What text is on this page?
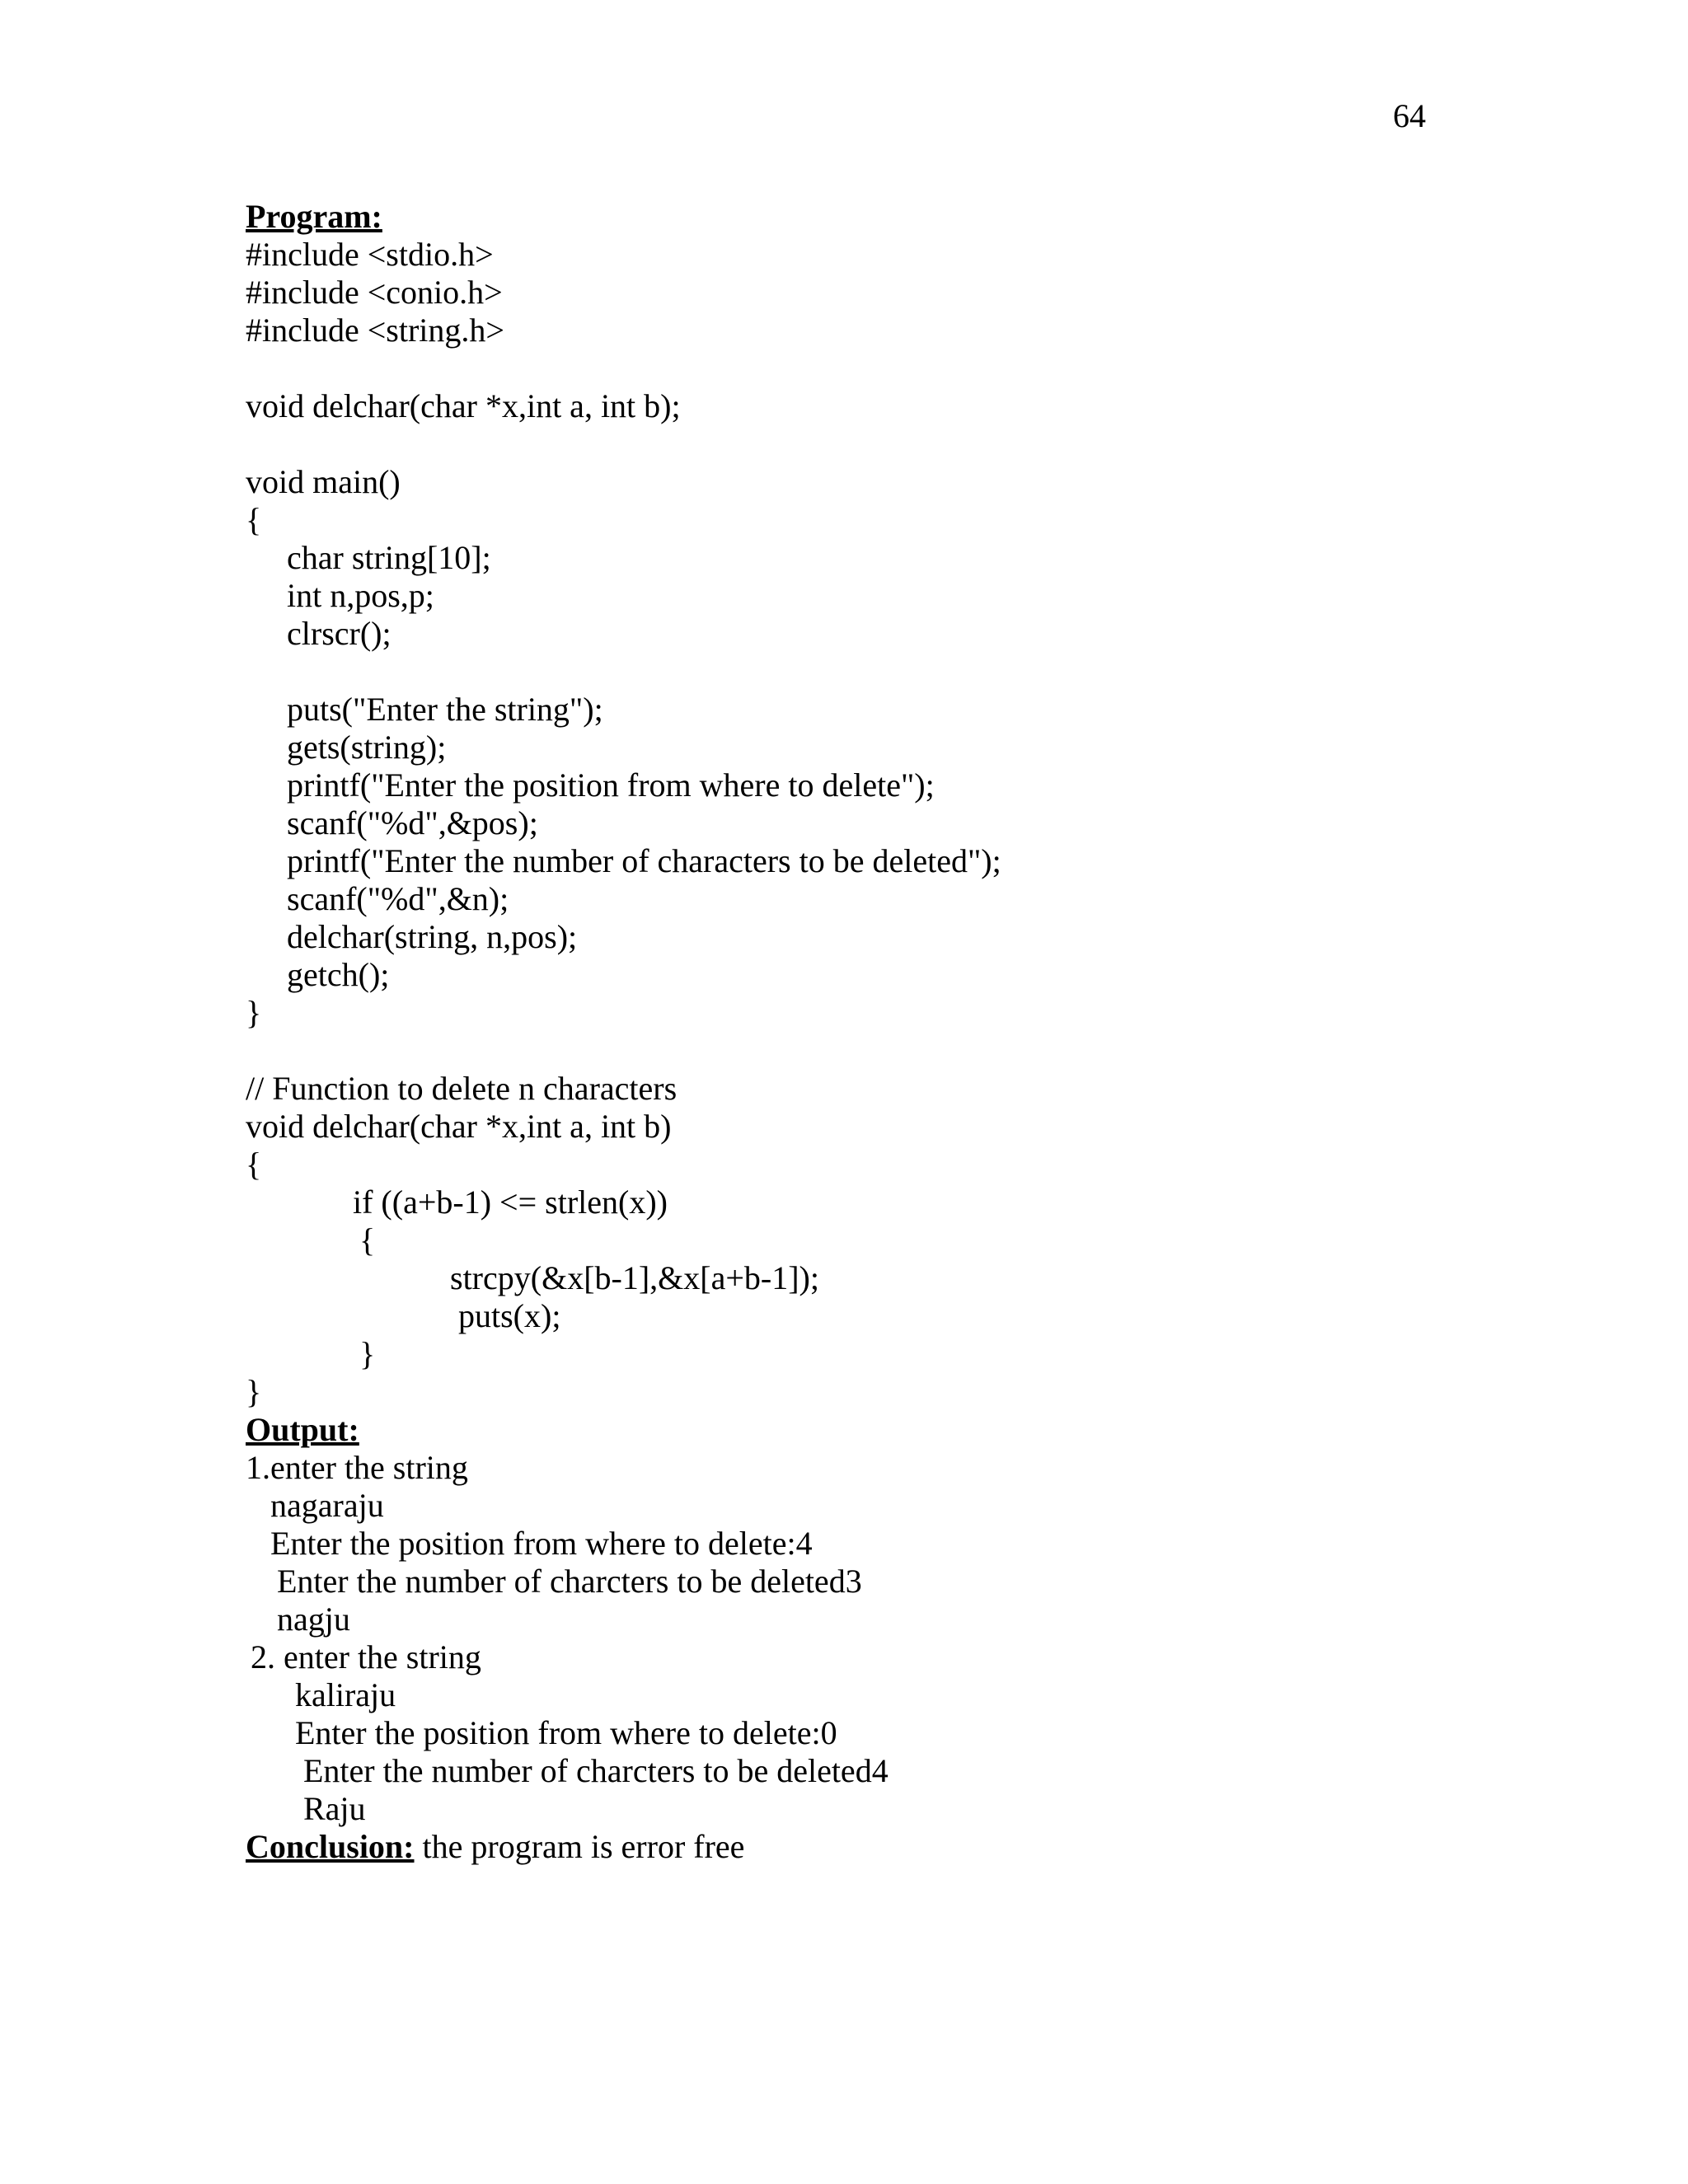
64
Program:
#include <stdio.h>
#include <conio.h>
#include <string.h>
void delchar(char *x,int a, int b);
void main()
{
char string[10];
int n,pos,p;
clrscr();
puts("Enter the string");
gets(string);
printf("Enter the position from where to delete");
scanf("%d",&pos);
printf("Enter the number of characters to be deleted");
scanf("%d",&n);
delchar(string, n,pos);
getch();
}
// Function to delete n characters
void delchar(char *x,int a, int b)
{
if ((a+b-1) <= strlen(x))
{
strcpy(&x[b-1],&x[a+b-1]);
puts(x);
}
}
Output:
1.enter the string
nagaraju
Enter the position from where to delete:4
Enter the number of charcters to be deleted3
nagju
2. enter the string
kaliraju
Enter the position from where to delete:0
Enter the number of charcters to be deleted4
Raju
Conclusion: the program is error free
